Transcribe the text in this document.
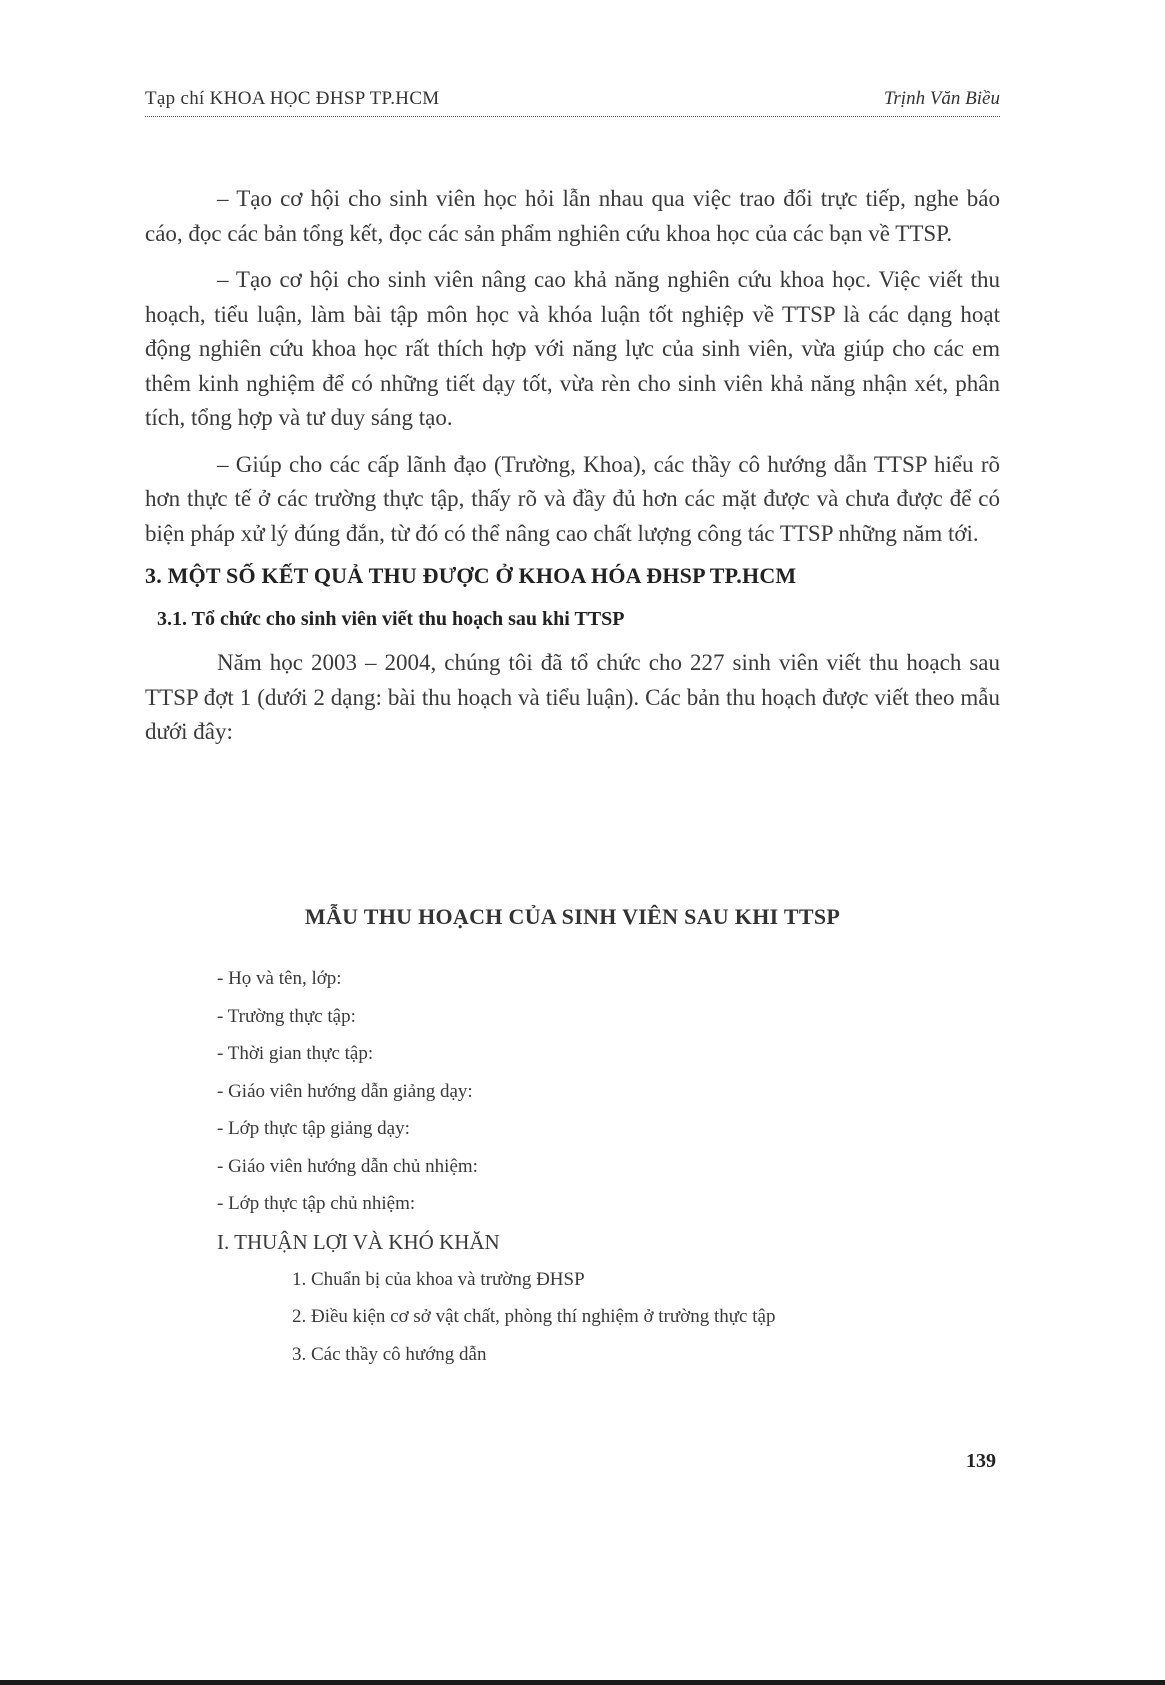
Tạp chí KHOA HỌC ĐHSP TP.HCM	Trịnh Văn Biều

– Tạo cơ hội cho sinh viên học hỏi lẫn nhau qua việc trao đổi trực tiếp, nghe báo cáo, đọc các bản tổng kết, đọc các sản phẩm nghiên cứu khoa học của các bạn về TTSP.

– Tạo cơ hội cho sinh viên nâng cao khả năng nghiên cứu khoa học. Việc viết thu hoạch, tiểu luận, làm bài tập môn học và khóa luận tốt nghiệp về TTSP là các dạng hoạt động nghiên cứu khoa học rất thích hợp với năng lực của sinh viên, vừa giúp cho các em thêm kinh nghiệm để có những tiết dạy tốt, vừa rèn cho sinh viên khả năng nhận xét, phân tích, tổng hợp và tư duy sáng tạo.

– Giúp cho các cấp lãnh đạo (Trường, Khoa), các thầy cô hướng dẫn TTSP hiểu rõ hơn thực tế ở các trường thực tập, thấy rõ và đầy đủ hơn các mặt được và chưa được để có biện pháp xử lý đúng đắn, từ đó có thể nâng cao chất lượng công tác TTSP những năm tới.

3. MỘT SỐ KẾT QUẢ THU ĐƯỢC Ở KHOA HÓA ĐHSP TP.HCM
3.1. Tổ chức cho sinh viên viết thu hoạch sau khi TTSP

Năm học 2003 – 2004, chúng tôi đã tổ chức cho 227 sinh viên viết thu hoạch sau TTSP đợt 1 (dưới 2 dạng: bài thu hoạch và tiểu luận). Các bản thu hoạch được viết theo mẫu dưới đây:

MẪU THU HOẠCH CỦA SINH VIÊN SAU KHI TTSP
- Họ và tên, lớp:
- Trường thực tập:
- Thời gian thực tập:
- Giáo viên hướng dẫn giảng dạy:
- Lớp thực tập giảng dạy:
- Giáo viên hướng dẫn chủ nhiệm:
- Lớp thực tập chủ nhiệm:
I. THUẬN LỢI VÀ KHÓ KHĂN
1. Chuẩn bị của khoa và trường ĐHSP
2. Điều kiện cơ sở vật chất, phòng thí nghiệm ở trường thực tập
3. Các thầy cô hướng dẫn
139
